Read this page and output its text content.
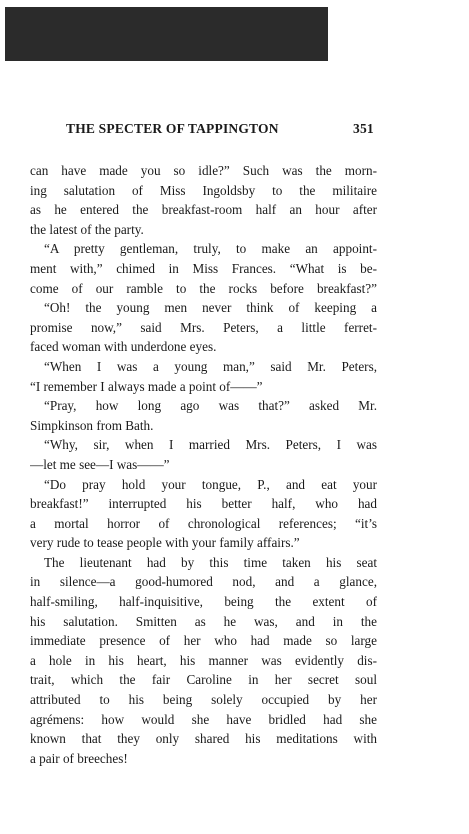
THE SPECTER OF TAPPINGTON	351
can have made you so idle?” Such was the morn-
ing salutation of Miss Ingoldsby to the militaire
as he entered the breakfast-room half an hour after
the latest of the party.
“A pretty gentleman, truly, to make an appoint-
ment with,” chimed in Miss Frances. “What is be-
come of our ramble to the rocks before breakfast?”
“Oh! the young men never think of keeping a
promise now,” said Mrs. Peters, a little ferret-
faced woman with underdone eyes.
“When I was a young man,” said Mr. Peters,
“I remember I always made a point of——”
“Pray, how long ago was that?” asked Mr.
Simpkinson from Bath.
“Why, sir, when I married Mrs. Peters, I was
—let me see—I was——”
“Do pray hold your tongue, P., and eat your
breakfast!” interrupted his better half, who had
a mortal horror of chronological references; “it’s
very rude to tease people with your family affairs.”
The lieutenant had by this time taken his seat
in silence—a good-humored nod, and a glance,
half-smiling, half-inquisitive, being the extent of
his salutation. Smitten as he was, and in the
immediate presence of her who had made so large
a hole in his heart, his manner was evidently dis-
trait, which the fair Caroline in her secret soul
attributed to his being solely occupied by her
agrémens: how would she have bridled had she
known that they only shared his meditations with
a pair of breeches!
